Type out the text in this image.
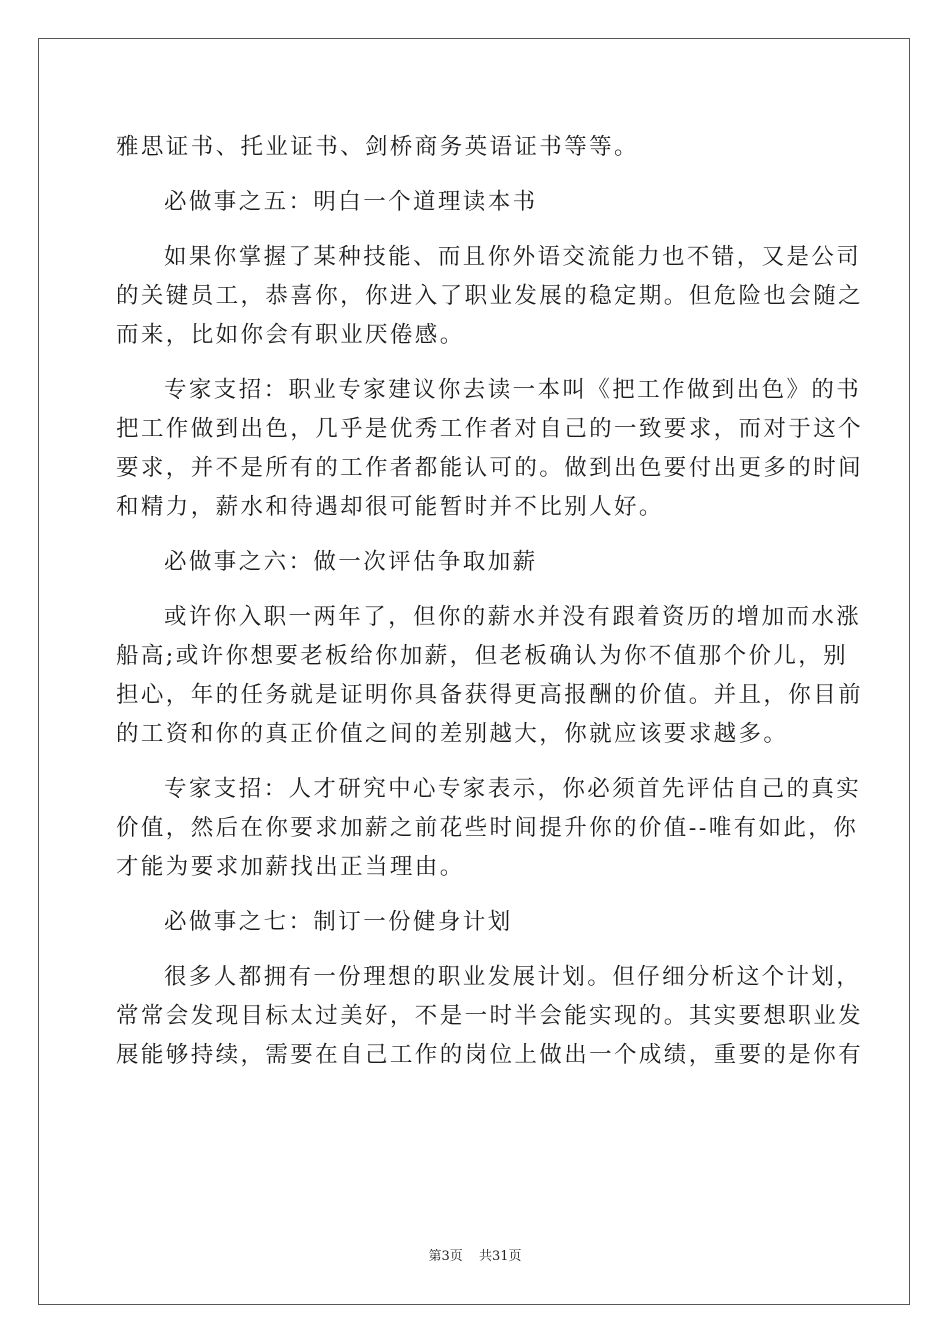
雅思证书、托业证书、剑桥商务英语证书等等。

必做事之五：明白一个道理读本书

如果你掌握了某种技能、而且你外语交流能力也不错，又是公司
的关键员工，恭喜你，你进入了职业发展的稳定期。但危险也会随之
而来，比如你会有职业厌倦感。

专家支招：职业专家建议你去读一本叫《把工作做到出色》的书
把工作做到出色，几乎是优秀工作者对自己的一致要求，而对于这个
要求，并不是所有的工作者都能认可的。做到出色要付出更多的时间
和精力，薪水和待遇却很可能暂时并不比别人好。

必做事之六：做一次评估争取加薪

或许你入职一两年了，但你的薪水并没有跟着资历的增加而水涨
船高;或许你想要老板给你加薪，但老板确认为你不值那个价儿，别
担心，年的任务就是证明你具备获得更高报酬的价值。并且，你目前
的工资和你的真正价值之间的差别越大，你就应该要求越多。

专家支招：人才研究中心专家表示，你必须首先评估自己的真实
价值，然后在你要求加薪之前花些时间提升你的价值--唯有如此，你
才能为要求加薪找出正当理由。

必做事之七：制订一份健身计划

很多人都拥有一份理想的职业发展计划。但仔细分析这个计划，
常常会发现目标太过美好，不是一时半会能实现的。其实要想职业发
展能够持续，需要在自己工作的岗位上做出一个成绩，重要的是你有

第3页 共31页
